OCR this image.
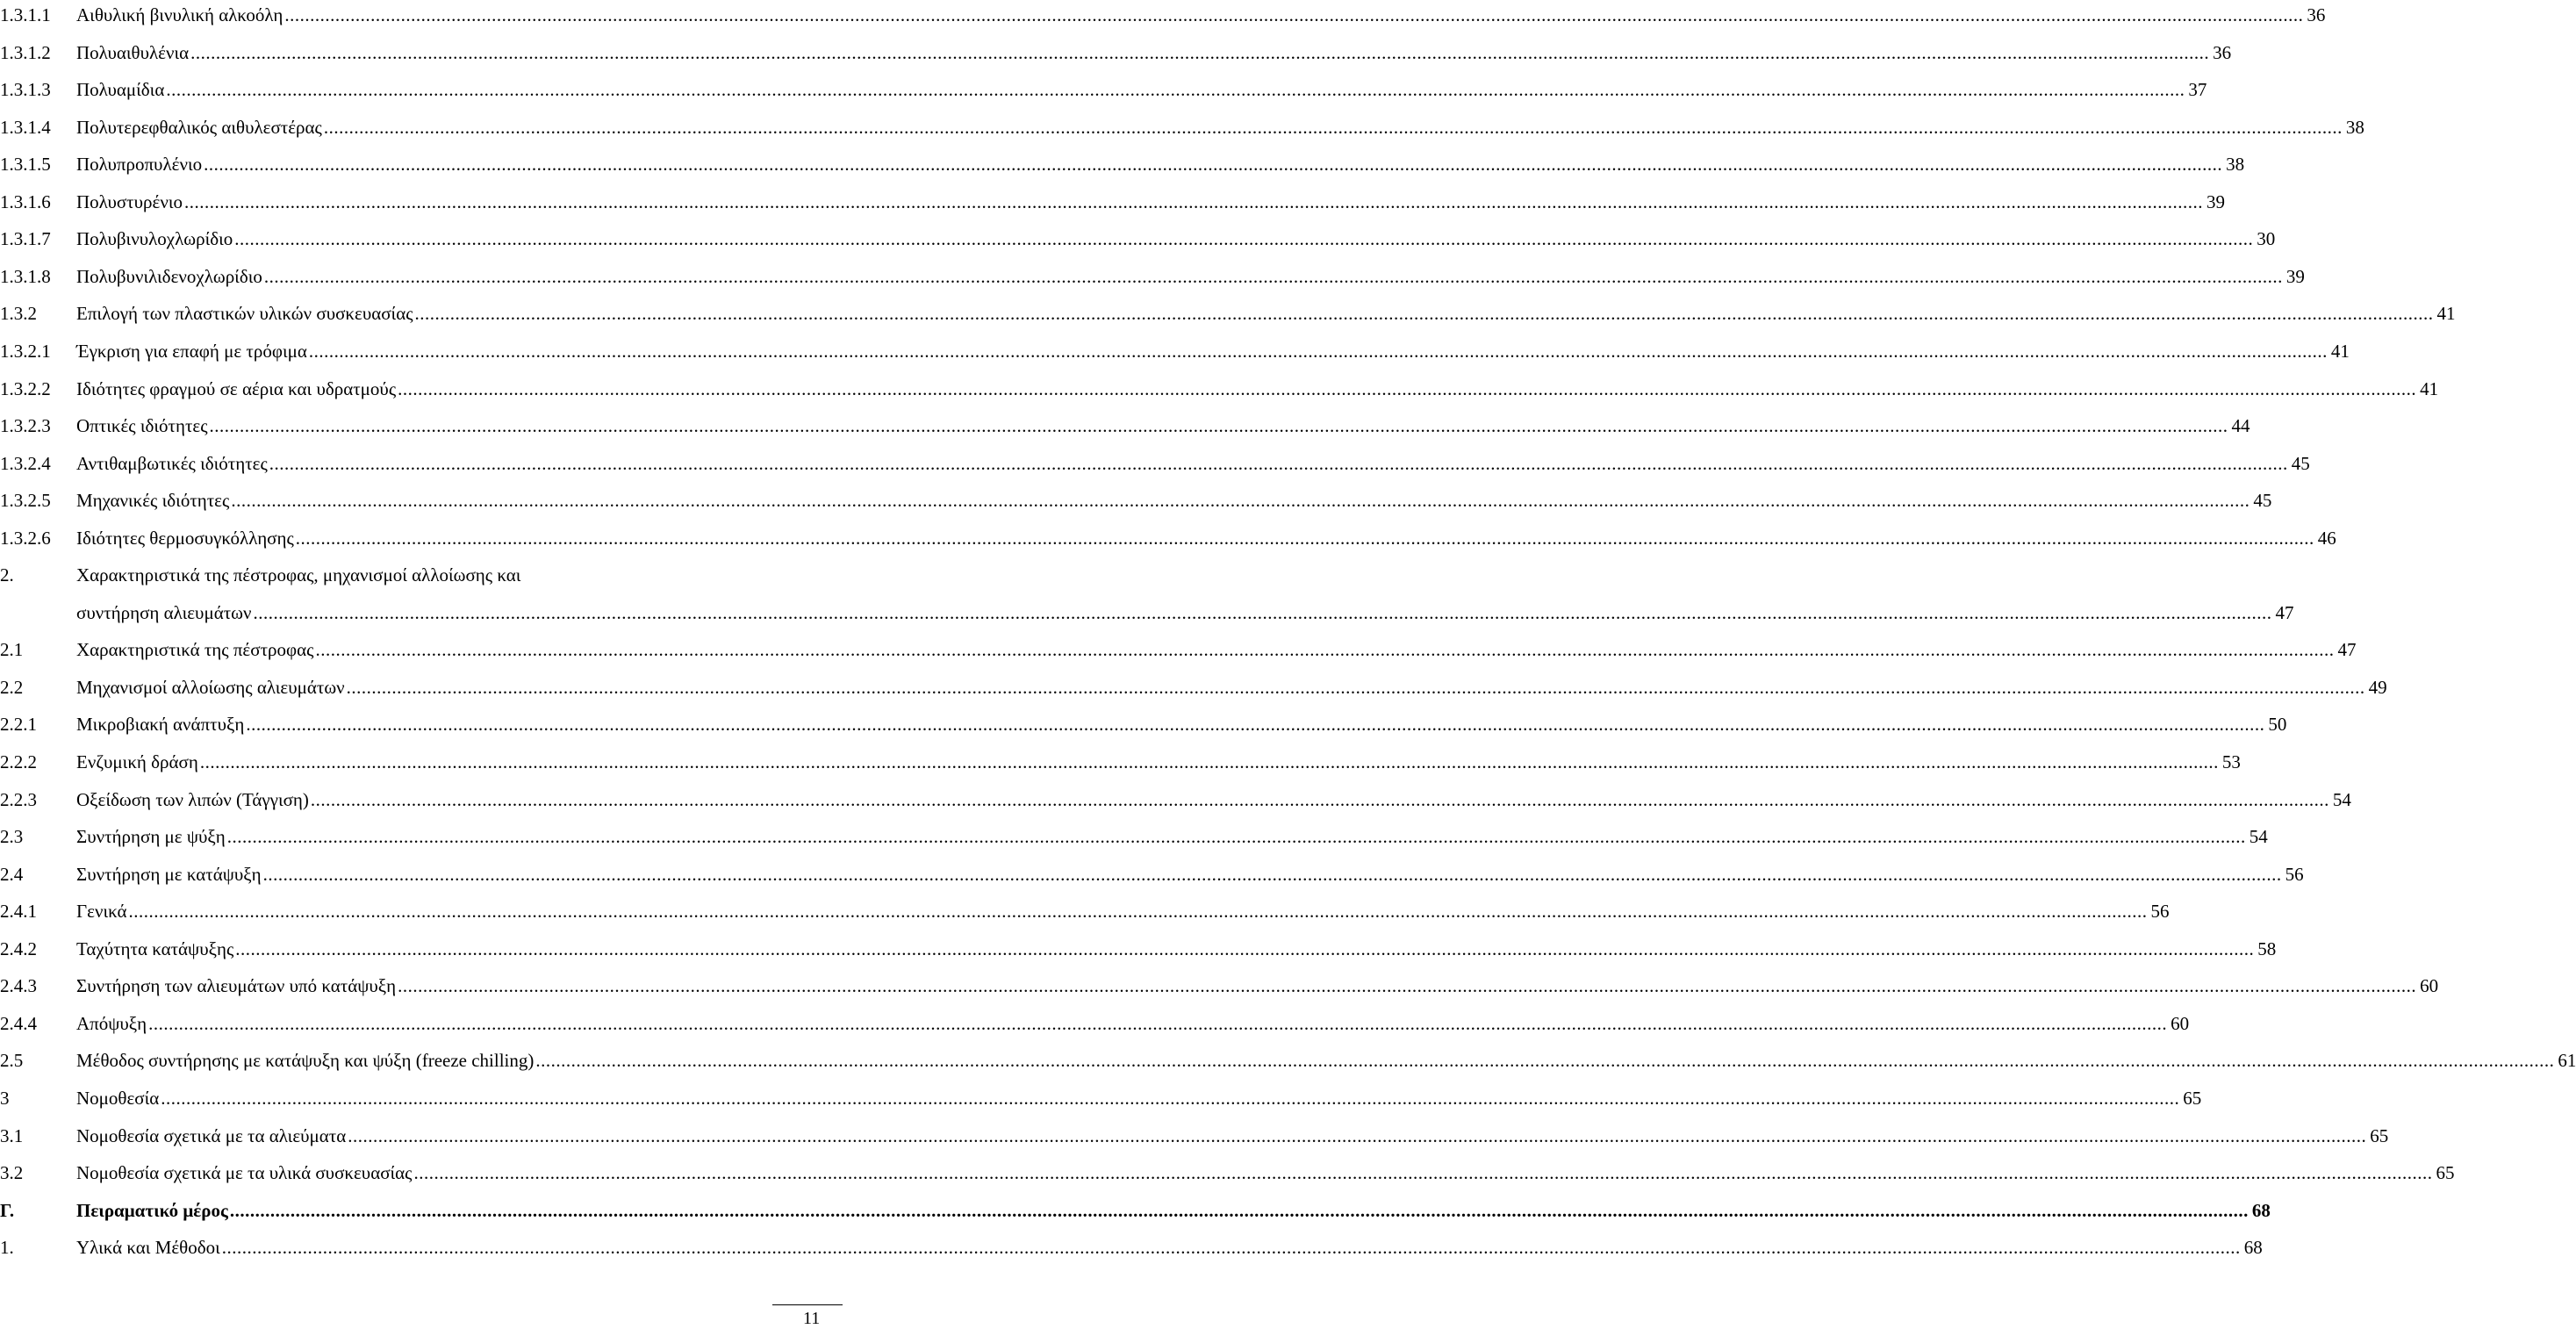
1.3.1.1 Αιθυλική βινυλική αλκοόλη ................................................................................................................................................................................................................................................................................................................................................................................................................ 36
1.3.1.2 Πολυαιθυλένια ................................................................................................................................................................................................................................................................................................................................................................................................................ 36
1.3.1.3 Πολυαμίδια ................................................................................................................................................................................................................................................................................................................................................................................................................ 37
1.3.1.4 Πολυτερεφθαλικός αιθυλεστέρας ................................................................................................................................................................................................................................................................................................................................................................................................................ 38
1.3.1.5 Πολυπροπυλένιο ................................................................................................................................................................................................................................................................................................................................................................................................................ 38
1.3.1.6 Πολυστυρένιο ................................................................................................................................................................................................................................................................................................................................................................................................................ 39
1.3.1.7 Πολυβινυλοχλωρίδιο ................................................................................................................................................................................................................................................................................................................................................................................................................ 30
1.3.1.8 Πολυβυνιλιδενοχλωρίδιο ................................................................................................................................................................................................................................................................................................................................................................................................................ 39
1.3.2 Επιλογή των πλαστικών υλικών συσκευασίας ................................................................................................................................................................................................................................................................................................................................................................................................................ 41
1.3.2.1 Έγκριση για επαφή με τρόφιμα ................................................................................................................................................................................................................................................................................................................................................................................................................ 41
1.3.2.2 Ιδιότητες φραγμού σε αέρια και υδρατμούς ................................................................................................................................................................................................................................................................................................................................................................................................................ 41
1.3.2.3 Οπτικές ιδιότητες ................................................................................................................................................................................................................................................................................................................................................................................................................ 44
1.3.2.4 Αντιθαμβωτικές ιδιότητες ................................................................................................................................................................................................................................................................................................................................................................................................................ 45
1.3.2.5 Μηχανικές ιδιότητες ................................................................................................................................................................................................................................................................................................................................................................................................................ 45
1.3.2.6 Ιδιότητες θερμοσυγκόλλησης ................................................................................................................................................................................................................................................................................................................................................................................................................ 46
2.	Χαρακτηριστικά της πέστροφας, μηχανισμοί αλλοίωσης και
συντήρηση αλιευμάτων ................................................................................................................................................................................................................................................................................................................................................................................................................ 47
2.1	Χαρακτηριστικά της πέστροφας ................................................................................................................................................................................................................................................................................................................................................................................................................ 47
2.2	Μηχανισμοί αλλοίωσης αλιευμάτων ................................................................................................................................................................................................................................................................................................................................................................................................................ 49
2.2.1 Μικροβιακή ανάπτυξη ................................................................................................................................................................................................................................................................................................................................................................................................................ 50
2.2.2 Ενζυμική δράση ................................................................................................................................................................................................................................................................................................................................................................................................................ 53
2.2.3 Οξείδωση των λιπών (Τάγγιση) ................................................................................................................................................................................................................................................................................................................................................................................................................ 54
2.3	Συντήρηση με ψύξη ................................................................................................................................................................................................................................................................................................................................................................................................................ 54
2.4	Συντήρηση με κατάψυξη ................................................................................................................................................................................................................................................................................................................................................................................................................ 56
2.4.1 Γενικά ................................................................................................................................................................................................................................................................................................................................................................................................................ 56
2.4.2 Ταχύτητα κατάψυξης ................................................................................................................................................................................................................................................................................................................................................................................................................ 58
2.4.3 Συντήρηση των αλιευμάτων υπό κατάψυξη ................................................................................................................................................................................................................................................................................................................................................................................................................ 60
2.4.4 Απόψυξη ................................................................................................................................................................................................................................................................................................................................................................................................................ 60
2.5	Μέθοδος συντήρησης με κατάψυξη και ψύξη (freeze chilling) ................................................................................................................................................................................................................................................................................................................................................................................................................ 61
3	Νομοθεσία ................................................................................................................................................................................................................................................................................................................................................................................................................ 65
3.1	Νομοθεσία σχετικά με τα αλιεύματα ................................................................................................................................................................................................................................................................................................................................................................................................................ 65
3.2	Νομοθεσία σχετικά με τα υλικά συσκευασίας ................................................................................................................................................................................................................................................................................................................................................................................................................ 65
Γ.	Πειραματικό μέρος ................................................................................................................................................................................................................................................................................................................................................................................................................ 68
1.	Υλικά και Μέθοδοι ................................................................................................................................................................................................................................................................................................................................................................................................................ 68
11
